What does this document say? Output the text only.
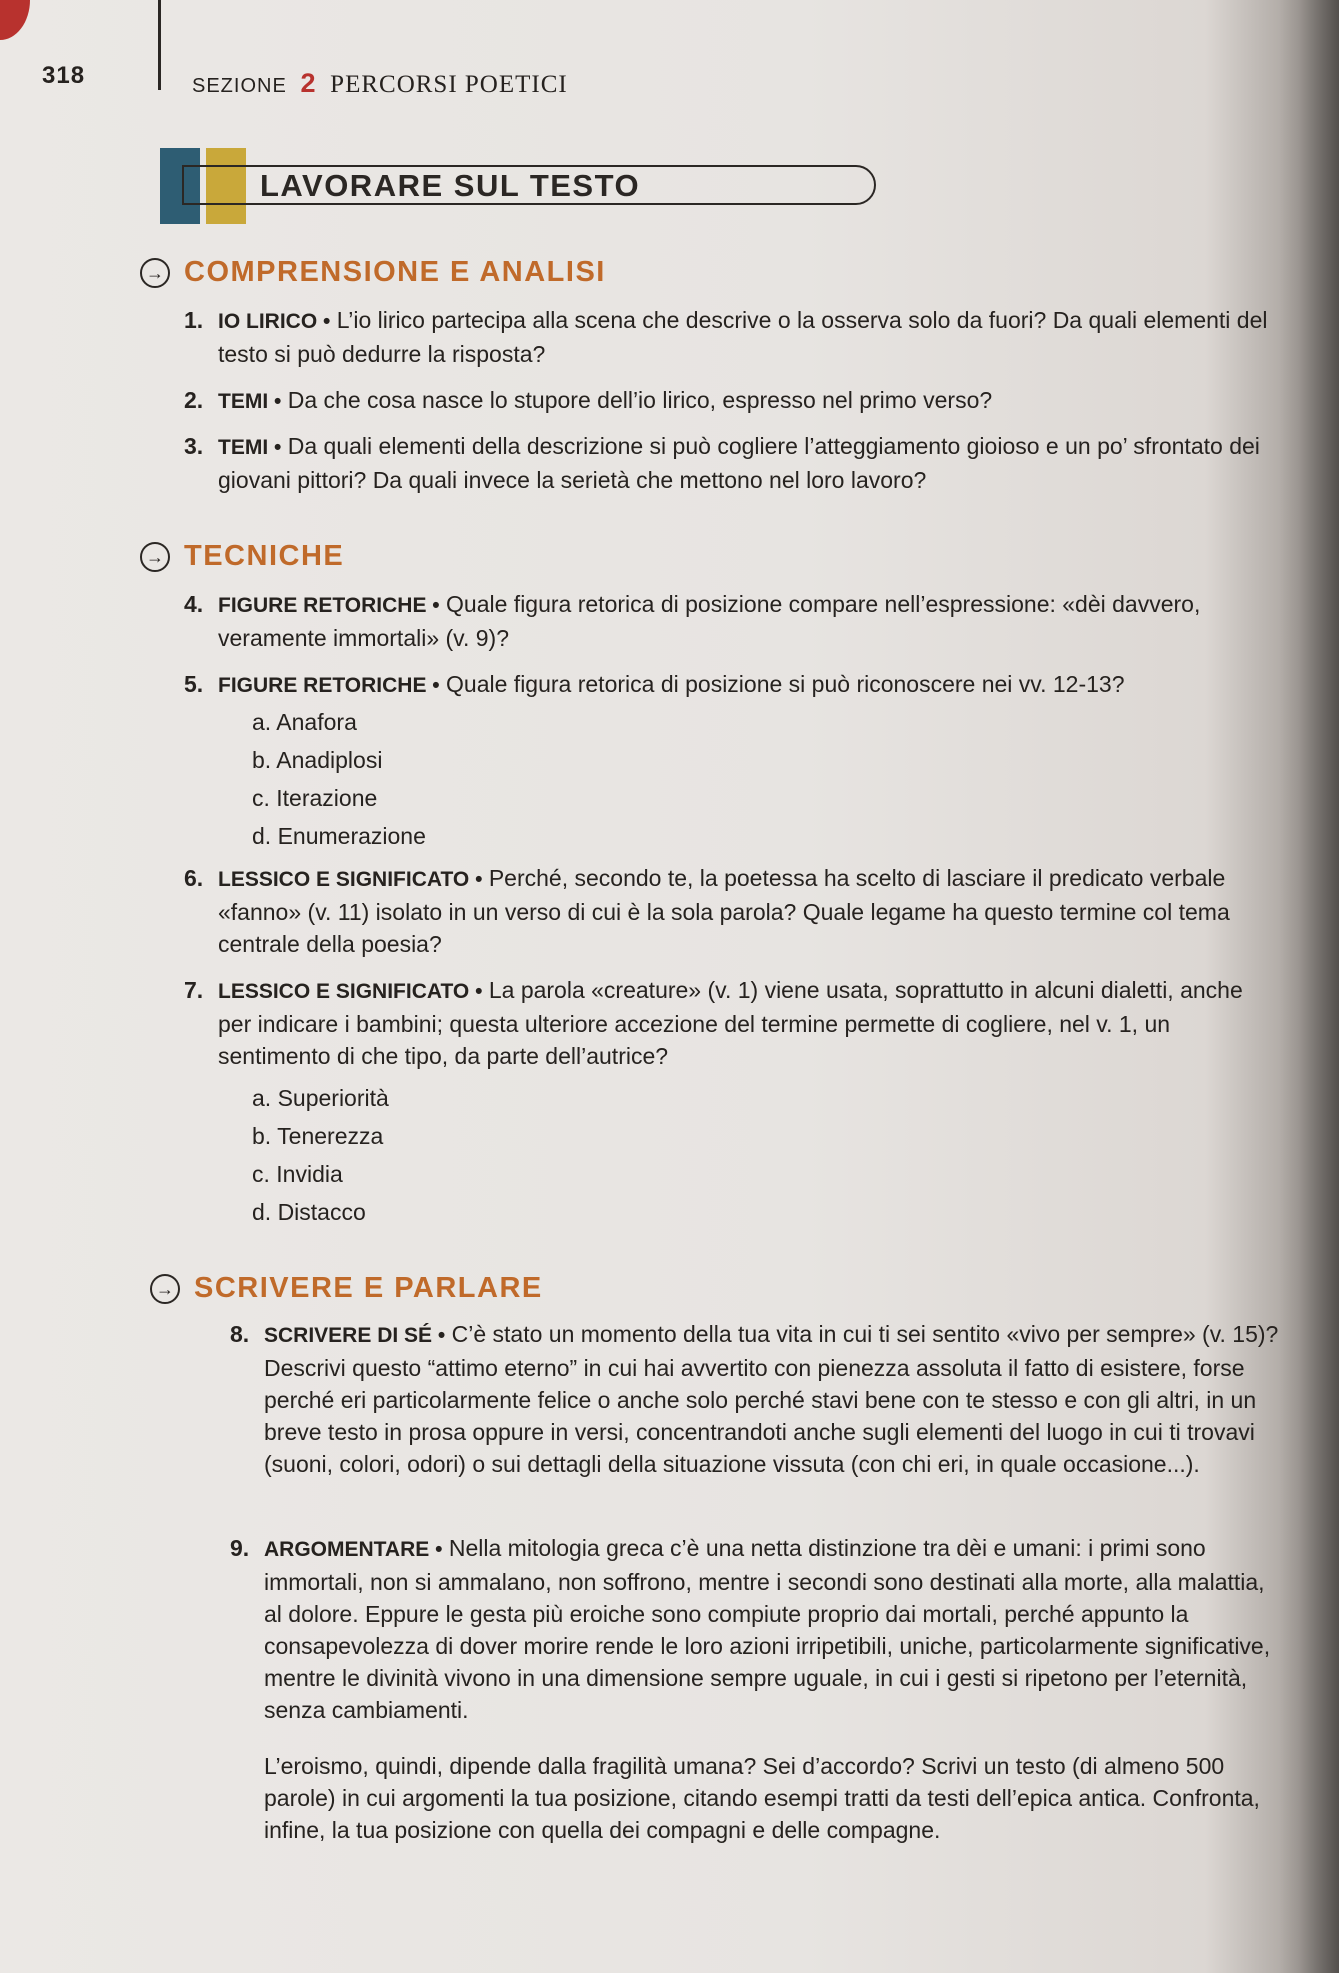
318	SEZIONE 2 PERCORSI POETICI
LAVORARE SUL TESTO
→ COMPRENSIONE E ANALISI
1. IO LIRICO • L’io lirico partecipa alla scena che descrive o la osserva solo da fuori? Da quali elementi del testo si può dedurre la risposta?
2. TEMI • Da che cosa nasce lo stupore dell’io lirico, espresso nel primo verso?
3. TEMI • Da quali elementi della descrizione si può cogliere l’atteggiamento gioioso e un po’ sfrontato dei giovani pittori? Da quali invece la serietà che mettono nel loro lavoro?
→ TECNICHE
4. FIGURE RETORICHE • Quale figura retorica di posizione compare nell’espressione: «dèi davvero, veramente immortali» (v. 9)?
5. FIGURE RETORICHE • Quale figura retorica di posizione si può riconoscere nei vv. 12-13?
a. Anafora
b. Anadiplosi
c. Iterazione
d. Enumerazione
6. LESSICO E SIGNIFICATO • Perché, secondo te, la poetessa ha scelto di lasciare il predicato verbale «fanno» (v. 11) isolato in un verso di cui è la sola parola? Quale legame ha questo termine col tema centrale della poesia?
7. LESSICO E SIGNIFICATO • La parola «creature» (v. 1) viene usata, soprattutto in alcuni dialetti, anche per indicare i bambini; questa ulteriore accezione del termine permette di cogliere, nel v. 1, un sentimento di che tipo, da parte dell’autrice?
a. Superiorità
b. Tenerezza
c. Invidia
d. Distacco
→ SCRIVERE E PARLARE
8. SCRIVERE DI SÉ • C’è stato un momento della tua vita in cui ti sei sentito «vivo per sempre» (v. 15)? Descrivi questo “attimo eterno” in cui hai avvertito con pienezza assoluta il fatto di esistere, forse perché eri particolarmente felice o anche solo perché stavi bene con te stesso e con gli altri, in un breve testo in prosa oppure in versi, concentrandoti anche sugli elementi del luogo in cui ti trovavi (suoni, colori, odori) o sui dettagli della situazione vissuta (con chi eri, in quale occasione...).
9. ARGOMENTARE • Nella mitologia greca c’è una netta distinzione tra dèi e umani: i primi sono immortali, non si ammalano, non soffrono, mentre i secondi sono destinati alla morte, alla malattia, al dolore. Eppure le gesta più eroiche sono compiute proprio dai mortali, perché appunto la consapevolezza di dover morire rende le loro azioni irripetibili, uniche, particolarmente significative, mentre le divinità vivono in una dimensione sempre uguale, in cui i gesti si ripetono per l’eternità, senza cambiamenti.
L’eroismo, quindi, dipende dalla fragilità umana? Sei d’accordo? Scrivi un testo (di almeno 500 parole) in cui argomenti la tua posizione, citando esempi tratti da testi dell’epica antica. Confronta, infine, la tua posizione con quella dei compagni e delle compagne.
